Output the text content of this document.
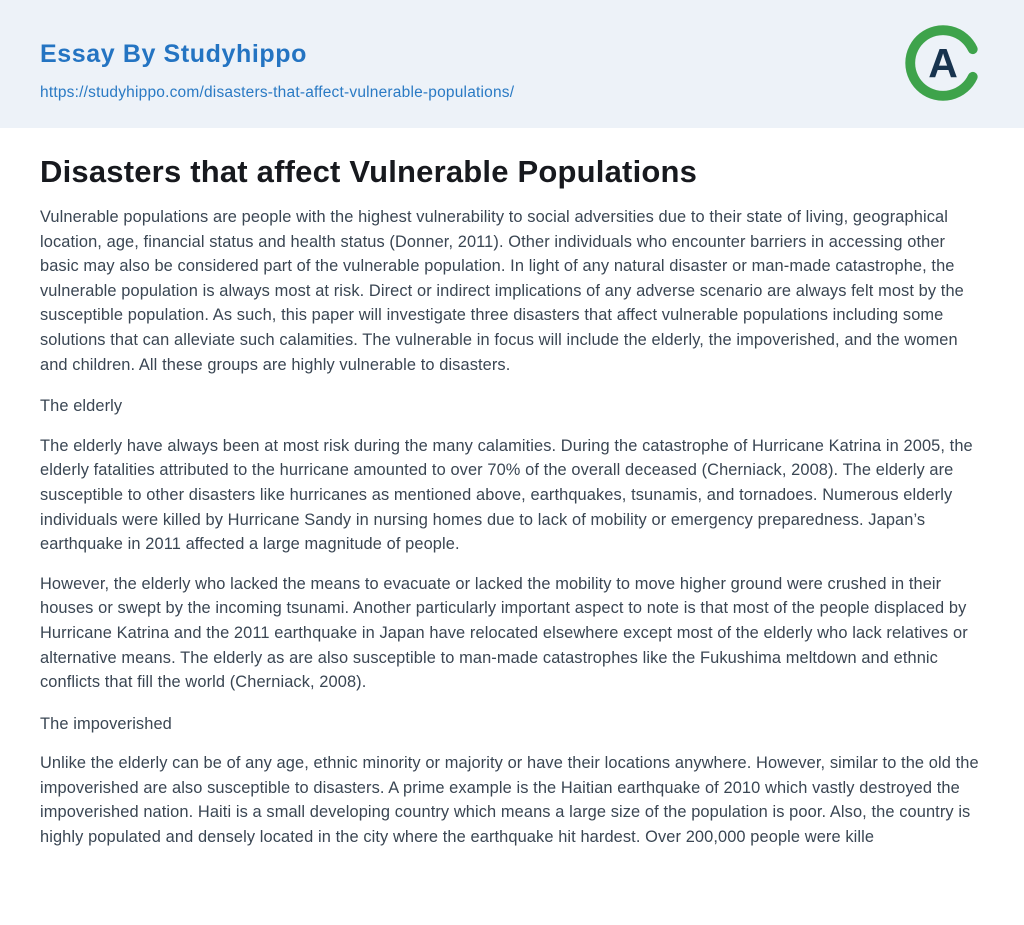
Essay By Studyhippo
https://studyhippo.com/disasters-that-affect-vulnerable-populations/
A
Disasters that affect Vulnerable Populations

Vulnerable populations are people with the highest vulnerability to social adversities due to their state of living, geographical location, age, financial status and health status (Donner, 2011). Other individuals who encounter barriers in accessing other basic may also be considered part of the vulnerable population. In light of any natural disaster or man-made catastrophe, the vulnerable population is always most at risk. Direct or indirect implications of any adverse scenario are always felt most by the susceptible population. As such, this paper will investigate three disasters that affect vulnerable populations including some solutions that can alleviate such calamities. The vulnerable in focus will include the elderly, the impoverished, and the women and children. All these groups are highly vulnerable to disasters.

The elderly

The elderly have always been at most risk during the many calamities. During the catastrophe of Hurricane Katrina in 2005, the elderly fatalities attributed to the hurricane amounted to over 70% of the overall deceased (Cherniack, 2008). The elderly are susceptible to other disasters like hurricanes as mentioned above, earthquakes, tsunamis, and tornadoes. Numerous elderly individuals were killed by Hurricane Sandy in nursing homes due to lack of mobility or emergency preparedness. Japan’s earthquake in 2011 affected a large magnitude of people.

However, the elderly who lacked the means to evacuate or lacked the mobility to move higher ground were crushed in their houses or swept by the incoming tsunami. Another particularly important aspect to note is that most of the people displaced by Hurricane Katrina and the 2011 earthquake in Japan have relocated elsewhere except most of the elderly who lack relatives or alternative means. The elderly as are also susceptible to man-made catastrophes like the Fukushima meltdown and ethnic conflicts that fill the world (Cherniack, 2008).

The impoverished

Unlike the elderly can be of any age, ethnic minority or majority or have their locations anywhere. However, similar to the old the impoverished are also susceptible to disasters. A prime example is the Haitian earthquake of 2010 which vastly destroyed the impoverished nation. Haiti is a small developing country which means a large size of the population is poor. Also, the country is highly populated and densely located in the city where the earthquake hit hardest. Over 200,000 people were kille
